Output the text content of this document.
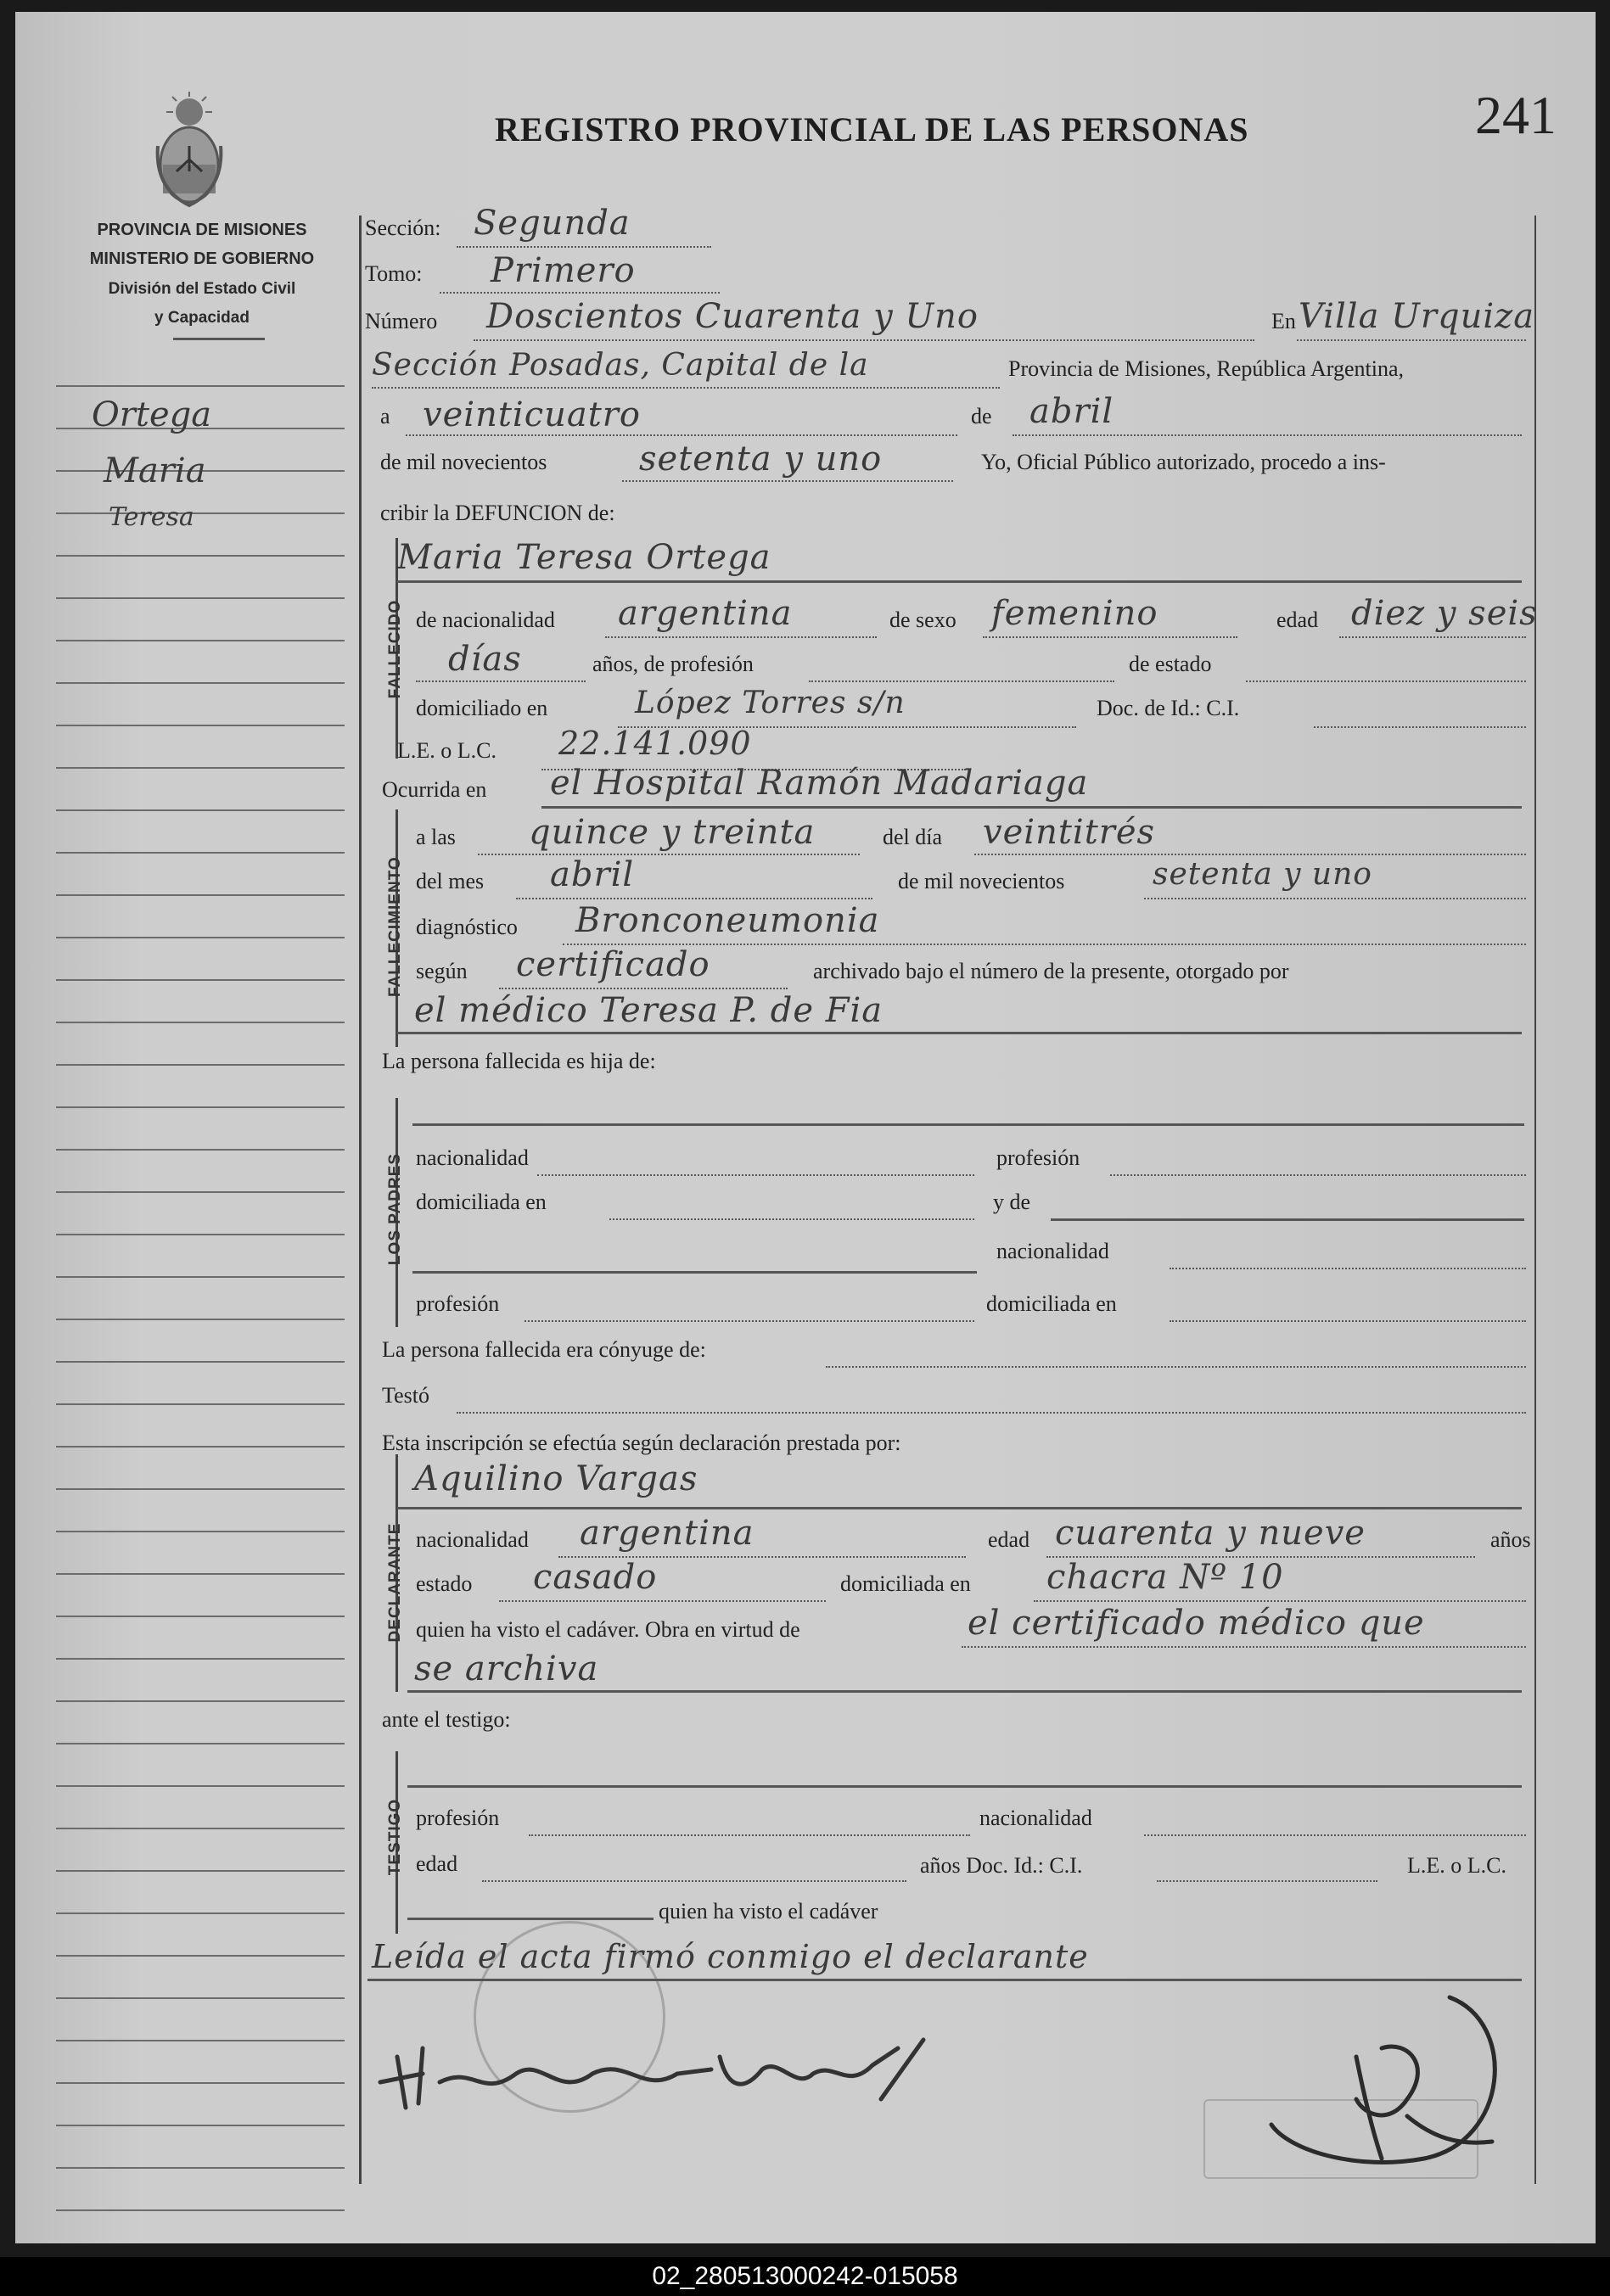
PROVINCIA DE MISIONES
MINISTERIO DE GOBIERNO
División del Estado Civil
y Capacidad
REGISTRO PROVINCIAL DE LAS PERSONAS	241
Ortega
Maria
Teresa
Sección: Segunda
Tomo: Primero
Número Doscientos Cuarenta y Uno	En Villa Urquiza
Sección Posadas, Capital de la	Provincia de Misiones, República Argentina,
a veinticuatro	de abril
de mil novecientos	setenta y uno	Yo, Oficial Público autorizado, procedo a ins-
cribir la DEFUNCION de:
FALLECIDO
Maria Teresa Ortega
de nacionalidad argentina	de sexo femenino	edad diez y seis
días	años, de profesión	de estado
domiciliado en	López Torres s/n	Doc. de Id.: C.I.
L.E. o L.C. 22.141.090
Ocurrida en el Hospital Ramón Madariaga
FALLECIMIENTO
a las quince y treinta	del día veintitrés
del mes abril	de mil novecientos	setenta y uno
diagnóstico Bronconeumonia
según certificado	archivado bajo el número de la presente, otorgado por
el médico Teresa P. de Fia
La persona fallecida es hija de:
LOS PADRES nacionalidad	profesión
domiciliada en	y de
nacionalidad
profesión	domiciliada en
La persona fallecida era cónyuge de:
Testó
Esta inscripción se efectúa según declaración prestada por:
DECLARANTE
Aquilino Vargas
nacionalidad argentina	edad cuarenta y nueve	años
estado casado	domiciliada en chacra Nº 10
quien ha visto el cadáver. Obra en virtud de	el certificado médico que
se archiva
ante el testigo:
TESTIGO profesión	nacionalidad
edad	años Doc. Id.: C.I.	L.E. o L.C.
quien ha visto el cadáver
Leída el acta firmó conmigo el declarante
02_280513000242-015058
